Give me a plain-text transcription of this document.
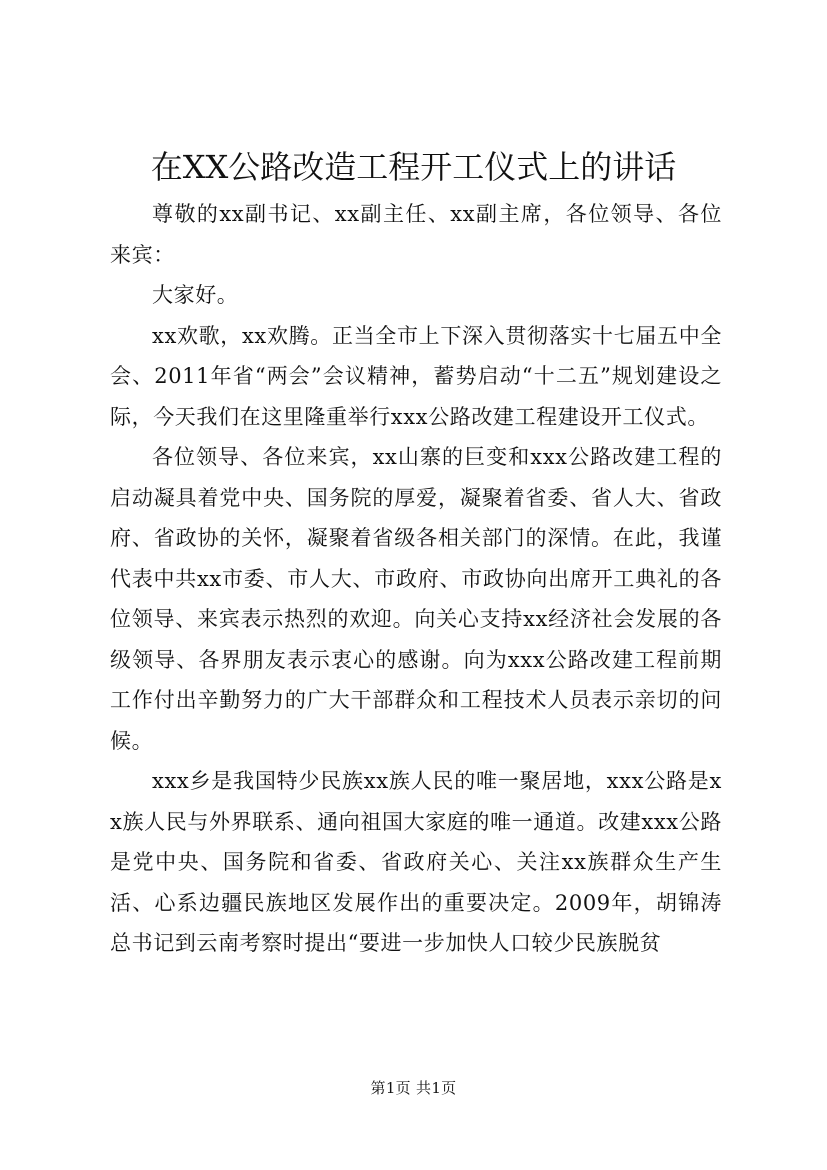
在XX公路改造工程开工仪式上的讲话

尊敬的xx副书记、xx副主任、xx副主席，各位领导、各位来宾：

大家好。

xx欢歌，xx欢腾。正当全市上下深入贯彻落实十七届五中全会、2011年省“两会”会议精神，蓄势启动“十二五”规划建设之际，今天我们在这里隆重举行xxx公路改建工程建设开工仪式。

各位领导、各位来宾，xx山寨的巨变和xxx公路改建工程的启动凝具着党中央、国务院的厚爱，凝聚着省委、省人大、省政府、省政协的关怀，凝聚着省级各相关部门的深情。在此，我谨代表中共xx市委、市人大、市政府、市政协向出席开工典礼的各位领导、来宾表示热烈的欢迎。向关心支持xx经济社会发展的各级领导、各界朋友表示衷心的感谢。向为xxx公路改建工程前期工作付出辛勤努力的广大干部群众和工程技术人员表示亲切的问候。

xxx乡是我国特少民族xx族人民的唯一聚居地，xxx公路是xx族人民与外界联系、通向祖国大家庭的唯一通道。改建xxx公路是党中央、国务院和省委、省政府关心、关注xx族群众生产生活、心系边疆民族地区发展作出的重要决定。2009年，胡锦涛总书记到云南考察时提出“要进一步加快人口较少民族脱贫

第1页 共1页
